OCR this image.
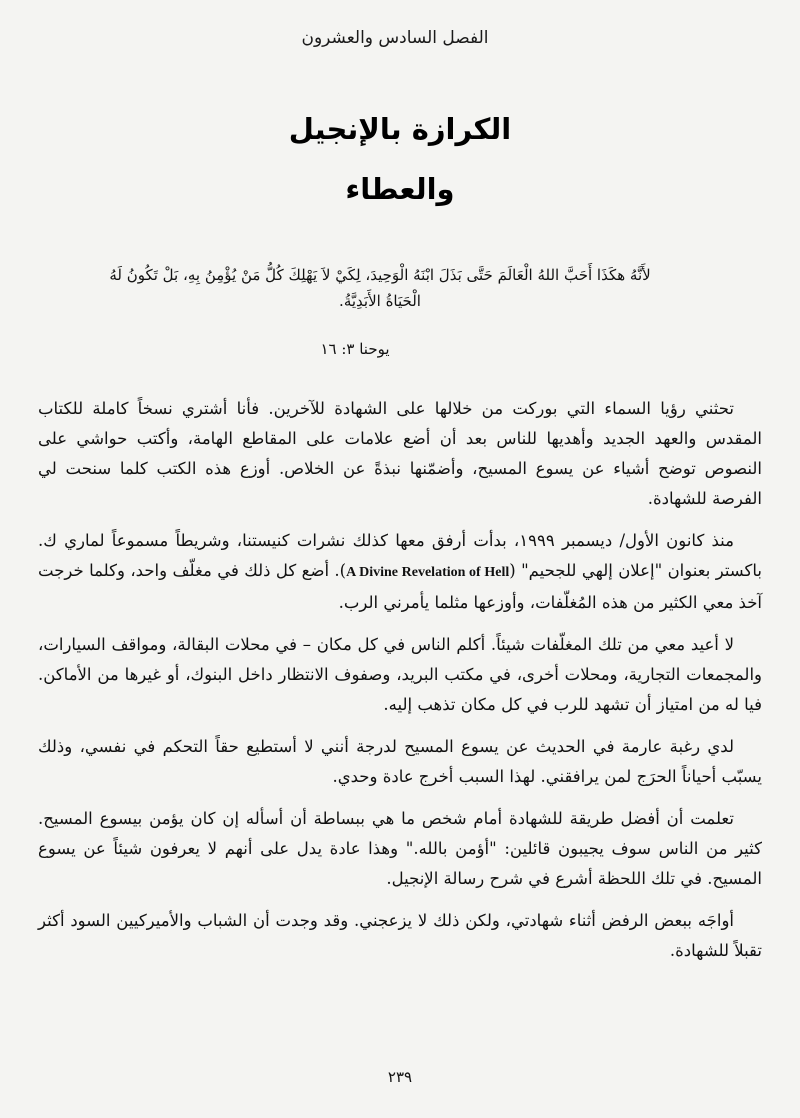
الفصل السادس والعشرون
الكرازة بالإنجيل
والعطاء
لأَنَّهُ هكَذَا أَحَبَّ اللهُ الْعَالَمَ حَتَّى بَذَلَ ابْنَهُ الْوَحِيدَ، لِكَيْ لاَ يَهْلِكَ كُلُّ مَنْ يُؤْمِنُ بِهِ، بَلْ تَكُونُ لَهُ الْحَيَاةُ الأَبَدِيَّةُ.
يوحنا ٣: ١٦

تحثني رؤيا السماء التي بوركت من خلالها على الشهادة للآخرين. فأنا أشتري نسخاً كاملة للكتاب المقدس والعهد الجديد وأهديها للناس بعد أن أضع علامات على المقاطع الهامة، وأكتب حواشي على النصوص توضح أشياء عن يسوع المسيح، وأضمّنها نبذةً عن الخلاص. أوزع هذه الكتب كلما سنحت لي الفرصة للشهادة.

منذ كانون الأول/ ديسمبر ١٩٩٩، بدأت أرفق معها كذلك نشرات كنيستنا، وشريطاً مسموعاً لماري ك. باكستر بعنوان "إعلان إلهي للجحيم" (A Divine Revelation of Hell). أضع كل ذلك في مغلّف واحد، وكلما خرجت آخذ معي الكثير من هذه المُغلّفات، وأوزعها مثلما يأمرني الرب.

لا أعيد معي من تلك المغلّفات شيئاً. أكلم الناس في كل مكان – في محلات البقالة، ومواقف السيارات، والمجمعات التجارية، ومحلات أخرى، في مكتب البريد، وصفوف الانتظار داخل البنوك، أو غيرها من الأماكن. فيا له من امتياز أن تشهد للرب في كل مكان تذهب إليه.

لدي رغبة عارمة في الحديث عن يسوع المسيح لدرجة أنني لا أستطيع حقاً التحكم في نفسي، وذلك يسبّب أحياناً الحرَج لمن يرافقني. لهذا السبب أخرج عادة وحدي.

تعلمت أن أفضل طريقة للشهادة أمام شخص ما هي ببساطة أن أسأله إن كان يؤمن بيسوع المسيح. كثير من الناس سوف يجيبون قائلين: "أؤمن بالله." وهذا عادة يدل على أنهم لا يعرفون شيئاً عن يسوع المسيح. في تلك اللحظة أشرع في شرح رسالة الإنجيل.

أواجَه ببعض الرفض أثناء شهادتي، ولكن ذلك لا يزعجني. وقد وجدت أن الشباب والأميركيين السود أكثر تقبلاً للشهادة.

٢٣٩
